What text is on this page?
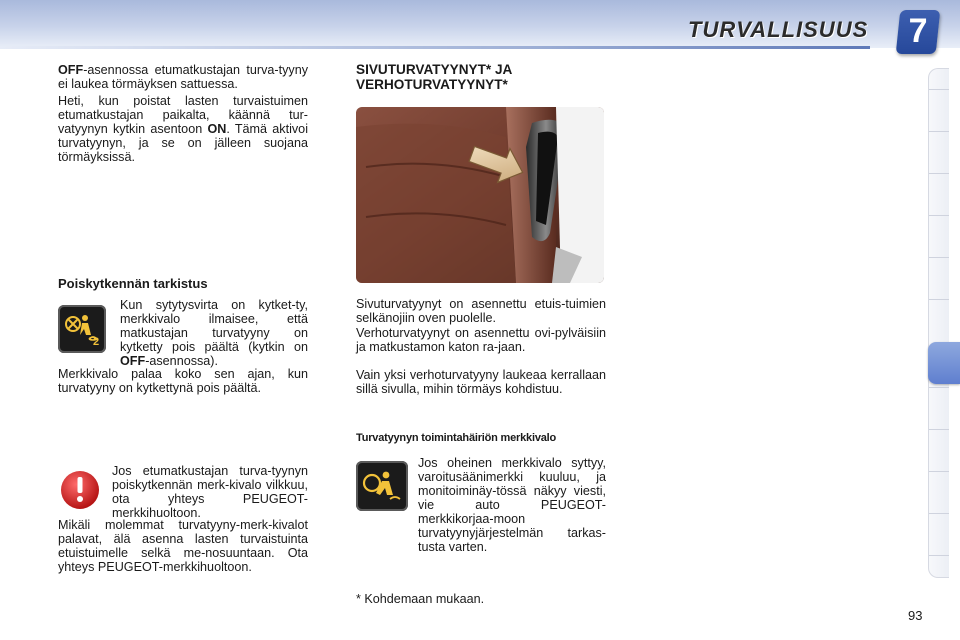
TURVALLISUUS	7

OFF-asennossa etumatkustajan turva-tyyny ei laukea törmäyksen sattuessa.

Heti, kun poistat lasten turvaistuimen etumatkustajan paikalta, käännä tur-vatyynyn kytkin asentoon ON. Tämä aktivoi turvatyynyn, ja se on jälleen suojana törmäyksissä.

Poiskytkennän tarkistus

2

Kun sytytysvirta on kytket-ty, merkkivalo ilmaisee, että matkustajan turvatyyny on kytketty pois päältä (kytkin on OFF-asennossa).

Merkkivalo palaa koko sen ajan, kun turvatyyny on kytkettynä pois päältä.

Jos etumatkustajan turva-tyynyn poiskytkennän merk-kivalo vilkkuu, ota yhteys PEUGEOT-merkkihuoltoon.

Mikäli molemmat turvatyyny-merk-kivalot palavat, älä asenna lasten turvaistuinta etuistuimelle selkä me-nosuuntaan. Ota yhteys PEUGEOT-merkkihuoltoon.

SIVUTURVATYYNYT* JA VERHOTURVATYYNYT*

Sivuturvatyynyt on asennettu etuis-tuimien selkänojiin oven puolelle.

Verhoturvatyynyt on asennettu ovi-pylväisiin ja matkustamon katon ra-jaan.

Vain yksi verhoturvatyyny laukeaa kerrallaan sillä sivulla, mihin törmäys kohdistuu.

Turvatyynyn toimintahäiriön merkkivalo

Jos oheinen merkkivalo syttyy, varoitusäänimerkki kuuluu, ja monitoiminäy-tössä näkyy viesti, vie auto PEUGEOT-merkkikorjaa-moon turvatyynyjärjestelmän tarkas-tusta varten.

* Kohdemaan mukaan.
93
